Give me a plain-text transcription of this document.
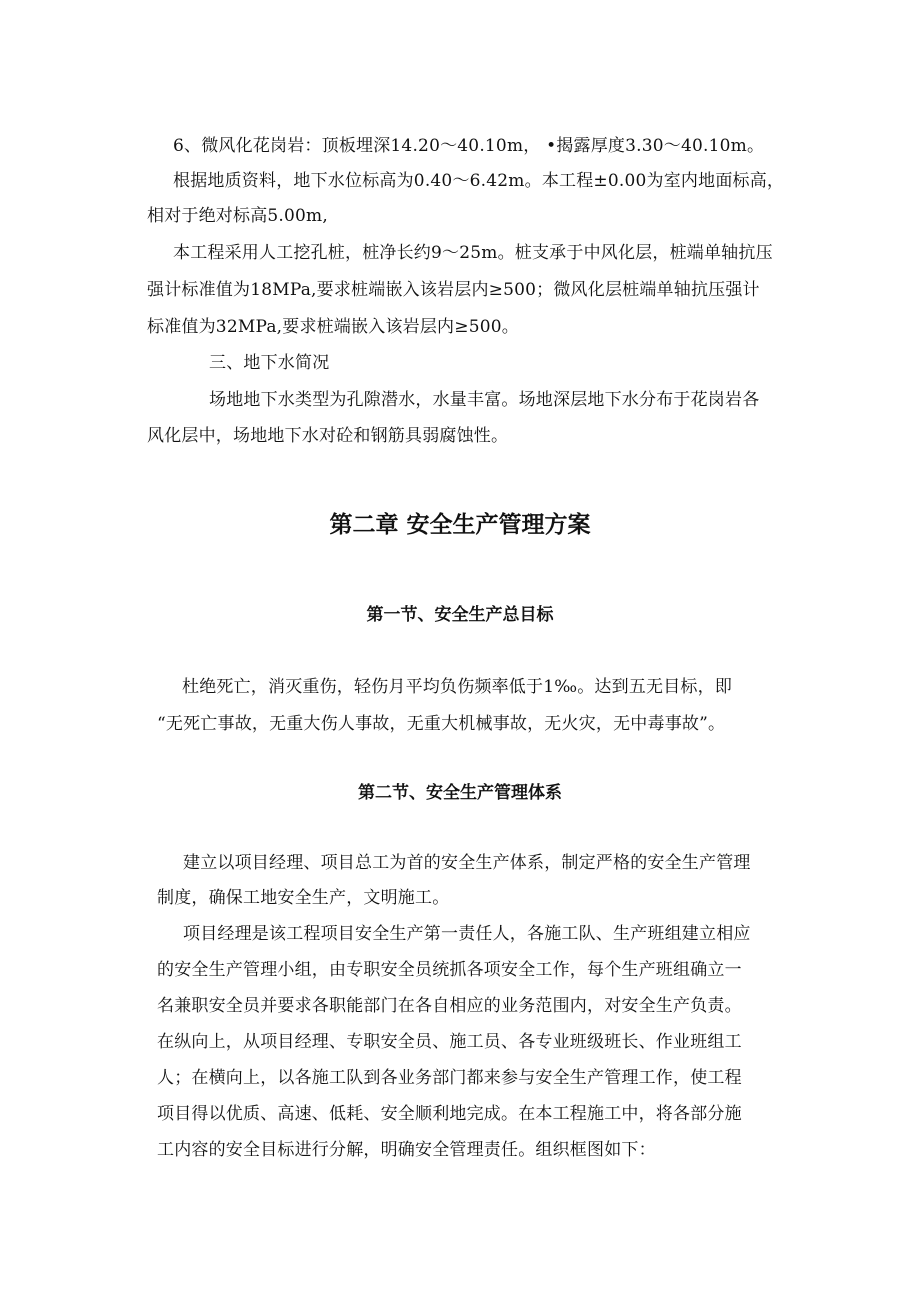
6、微风化花岗岩：顶板埋深14.20～40.10m， •揭露厚度3.30～40.10m。
根据地质资料，地下水位标高为0.40～6.42m。本工程±0.00为室内地面标高，
相对于绝对标高5.00m,
本工程采用人工挖孔桩，桩净长约9～25m。桩支承于中风化层，桩端单轴抗压
强计标准值为18MPa,要求桩端嵌入该岩层内≥500；微风化层桩端单轴抗压强计
标准值为32MPa,要求桩端嵌入该岩层内≥500。
三、地下水简况
场地地下水类型为孔隙潜水，水量丰富。场地深层地下水分布于花岗岩各
风化层中，场地地下水对砼和钢筋具弱腐蚀性。
第二章 安全生产管理方案
第一节、安全生产总目标
杜绝死亡，消灭重伤，轻伤月平均负伤频率低于1‰。达到五无目标，即
“无死亡事故，无重大伤人事故，无重大机械事故，无火灾，无中毒事故”。
第二节、安全生产管理体系
建立以项目经理、项目总工为首的安全生产体系，制定严格的安全生产管理
制度，确保工地安全生产，文明施工。
项目经理是该工程项目安全生产第一责任人，各施工队、生产班组建立相应
的安全生产管理小组，由专职安全员统抓各项安全工作，每个生产班组确立一
名兼职安全员并要求各职能部门在各自相应的业务范围内，对安全生产负责。
在纵向上，从项目经理、专职安全员、施工员、各专业班级班长、作业班组工
人；在横向上，以各施工队到各业务部门都来参与安全生产管理工作，使工程
项目得以优质、高速、低耗、安全顺利地完成。在本工程施工中，将各部分施
工内容的安全目标进行分解，明确安全管理责任。组织框图如下：
